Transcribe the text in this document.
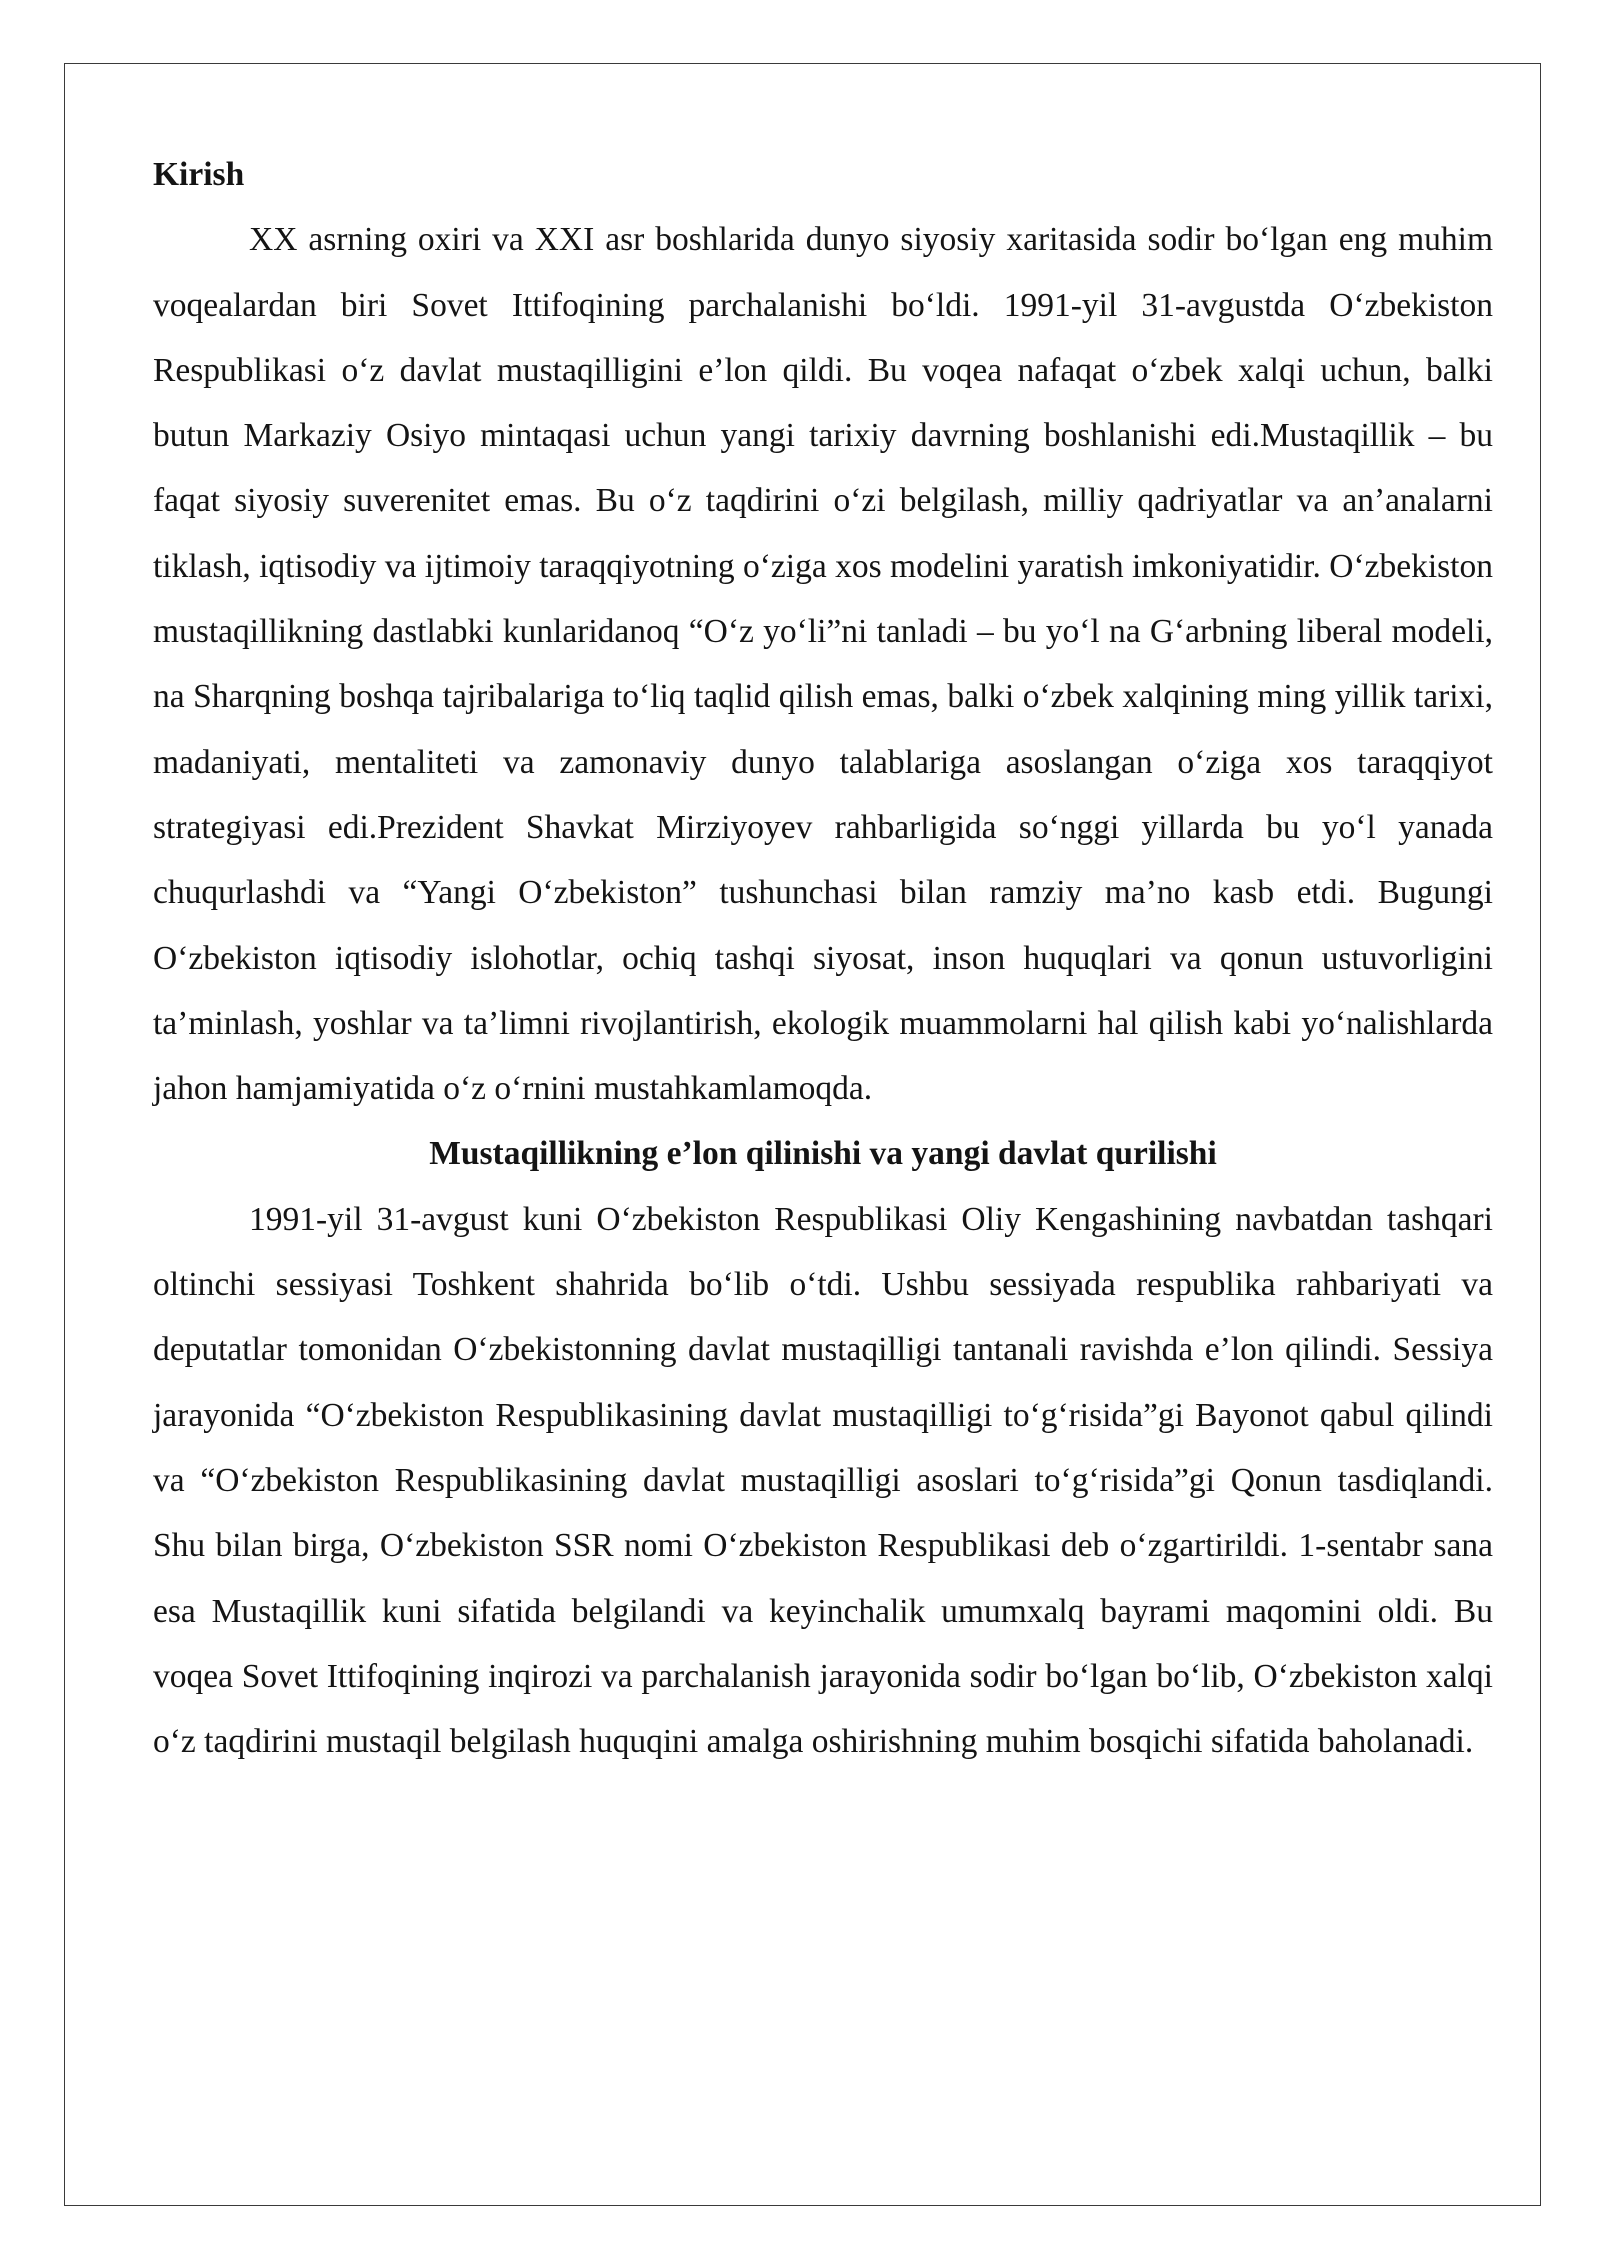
Kirish

XX asrning oxiri va XXI asr boshlarida dunyo siyosiy xaritasida sodir bo‘lgan eng muhim voqealardan biri Sovet Ittifoqining parchalanishi bo‘ldi. 1991-yil 31-avgustda O‘zbekiston Respublikasi o‘z davlat mustaqilligini e’lon qildi. Bu voqea nafaqat o‘zbek xalqi uchun, balki butun Markaziy Osiyo mintaqasi uchun yangi tarixiy davrning boshlanishi edi.Mustaqillik – bu faqat siyosiy suverenitet emas. Bu o‘z taqdirini o‘zi belgilash, milliy qadriyatlar va an’analarni tiklash, iqtisodiy va ijtimoiy taraqqiyotning o‘ziga xos modelini yaratish imkoniyatidir. O‘zbekiston mustaqillikning dastlabki kunlaridanoq “O‘z yo‘li”ni tanladi – bu yo‘l na G‘arbning liberal modeli, na Sharqning boshqa tajribalariga to‘liq taqlid qilish emas, balki o‘zbek xalqining ming yillik tarixi, madaniyati, mentaliteti va zamonaviy dunyo talablariga asoslangan o‘ziga xos taraqqiyot strategiyasi edi.Prezident Shavkat Mirziyoyev rahbarligida so‘nggi yillarda bu yo‘l yanada chuqurlashdi va “Yangi O‘zbekiston” tushunchasi bilan ramziy ma’no kasb etdi. Bugungi O‘zbekiston iqtisodiy islohotlar, ochiq tashqi siyosat, inson huquqlari va qonun ustuvorligini ta’minlash, yoshlar va ta’limni rivojlantirish, ekologik muammolarni hal qilish kabi yo‘nalishlarda jahon hamjamiyatida o‘z o‘rnini mustahkamlamoqda.

Mustaqillikning e’lon qilinishi va yangi davlat qurilishi

1991-yil 31-avgust kuni O‘zbekiston Respublikasi Oliy Kengashining navbatdan tashqari oltinchi sessiyasi Toshkent shahrida bo‘lib o‘tdi. Ushbu sessiyada respublika rahbariyati va deputatlar tomonidan O‘zbekistonning davlat mustaqilligi tantanali ravishda e’lon qilindi. Sessiya jarayonida “O‘zbekiston Respublikasining davlat mustaqilligi to‘g‘risida”gi Bayonot qabul qilindi va “O‘zbekiston Respublikasining davlat mustaqilligi asoslari to‘g‘risida”gi Qonun tasdiqlandi. Shu bilan birga, O‘zbekiston SSR nomi O‘zbekiston Respublikasi deb o‘zgartirildi. 1-sentabr sana esa Mustaqillik kuni sifatida belgilandi va keyinchalik umumxalq bayrami maqomini oldi. Bu voqea Sovet Ittifoqining inqirozi va parchalanish jarayonida sodir bo‘lgan bo‘lib, O‘zbekiston xalqi o‘z taqdirini mustaqil belgilash huquqini amalga oshirishning muhim bosqichi sifatida baholanadi.
